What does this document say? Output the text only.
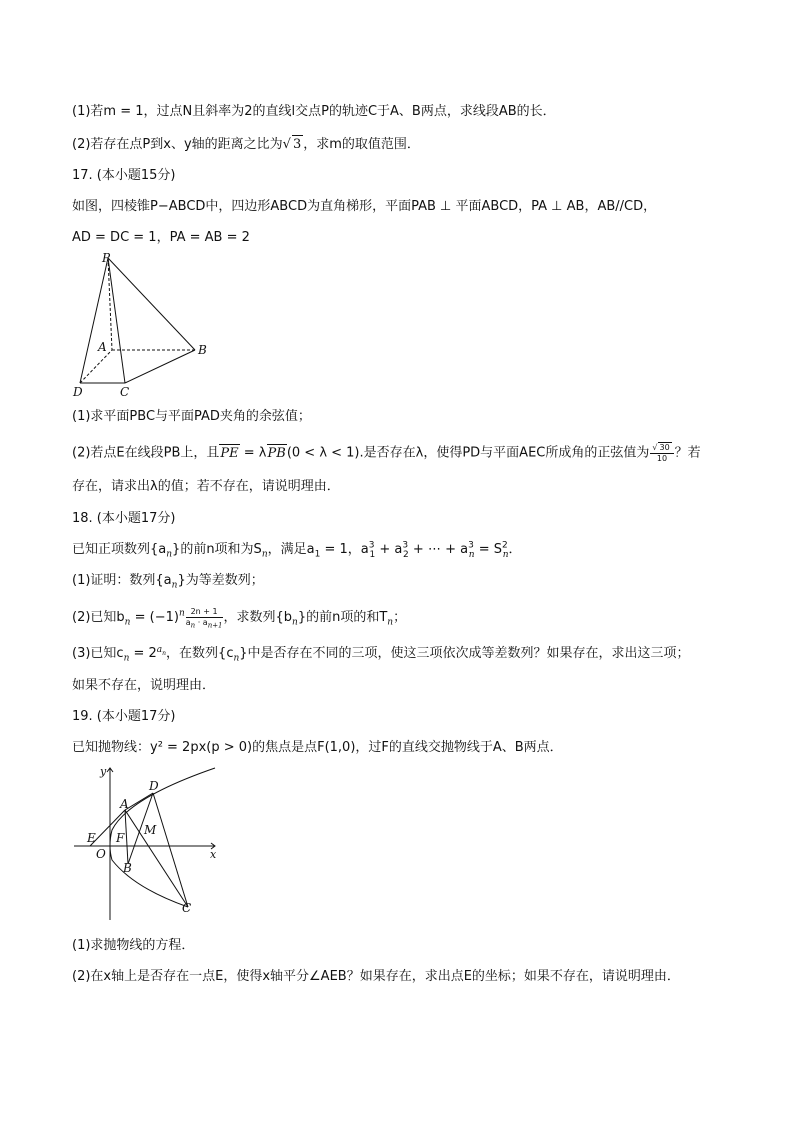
(1)若m = 1，过点N且斜率为2的直线l交点P的轨迹C于A、B两点，求线段AB的长．
(2)若存在点P到x、y轴的距离之比为√ 3 ，求m的取值范围．
17. (本小题15分)
如图，四棱锥P−ABCD中，四边形ABCD为直角梯形，平面PAB ⊥ 平面ABCD，PA ⊥ AB，AB//CD，
AD = DC = 1，PA = AB = 2
P
A	B
D	C
(1)求平面PBC与平面PAD夹角的余弦值；
(2)若点E在线段PB上，且PE = λPB(0 < λ < 1).是否存在λ，使得PD与平面AEC所成角的正弦值为 $\frac{√ 30}{10}$ ？若
存在，请求出λ的值；若不存在，请说明理由．
18. (本小题17分)
已知正项数列$\{a_n\}$的前n项和为$S_n$，满足$a_1 = 1$，$a^3_1 + a^3_2$ + ⋯ + $a^3_n = S^2_n$．
(1)证明：数列$\{a_n\}$为等差数列；
(2)已知$b_n = (-1)^n \frac{2n + 1}{a_n \cdot a_{n+1}}$ ，求数列$\{b_n\}$的前n项的和$T_n$；
(3)已知$c_n = 2^{a_n}$，在数列$\{c_n\}$中是否存在不同的三项，使这三项依次成等差数列？如果存在，求出这三项；
如果不存在，说明理由．
19. (本小题17分)
已知抛物线：y² = 2px(p > 0)的焦点是点F(1,0)，过F的直线交抛物线于A、B两点．
y
x
O
E F
A
D
M
B
C
(1)求抛物线的方程．
(2)在x轴上是否存在一点E，使得x轴平分∠AEB？如果存在，求出点E的坐标；如果不存在，请说明理由．
